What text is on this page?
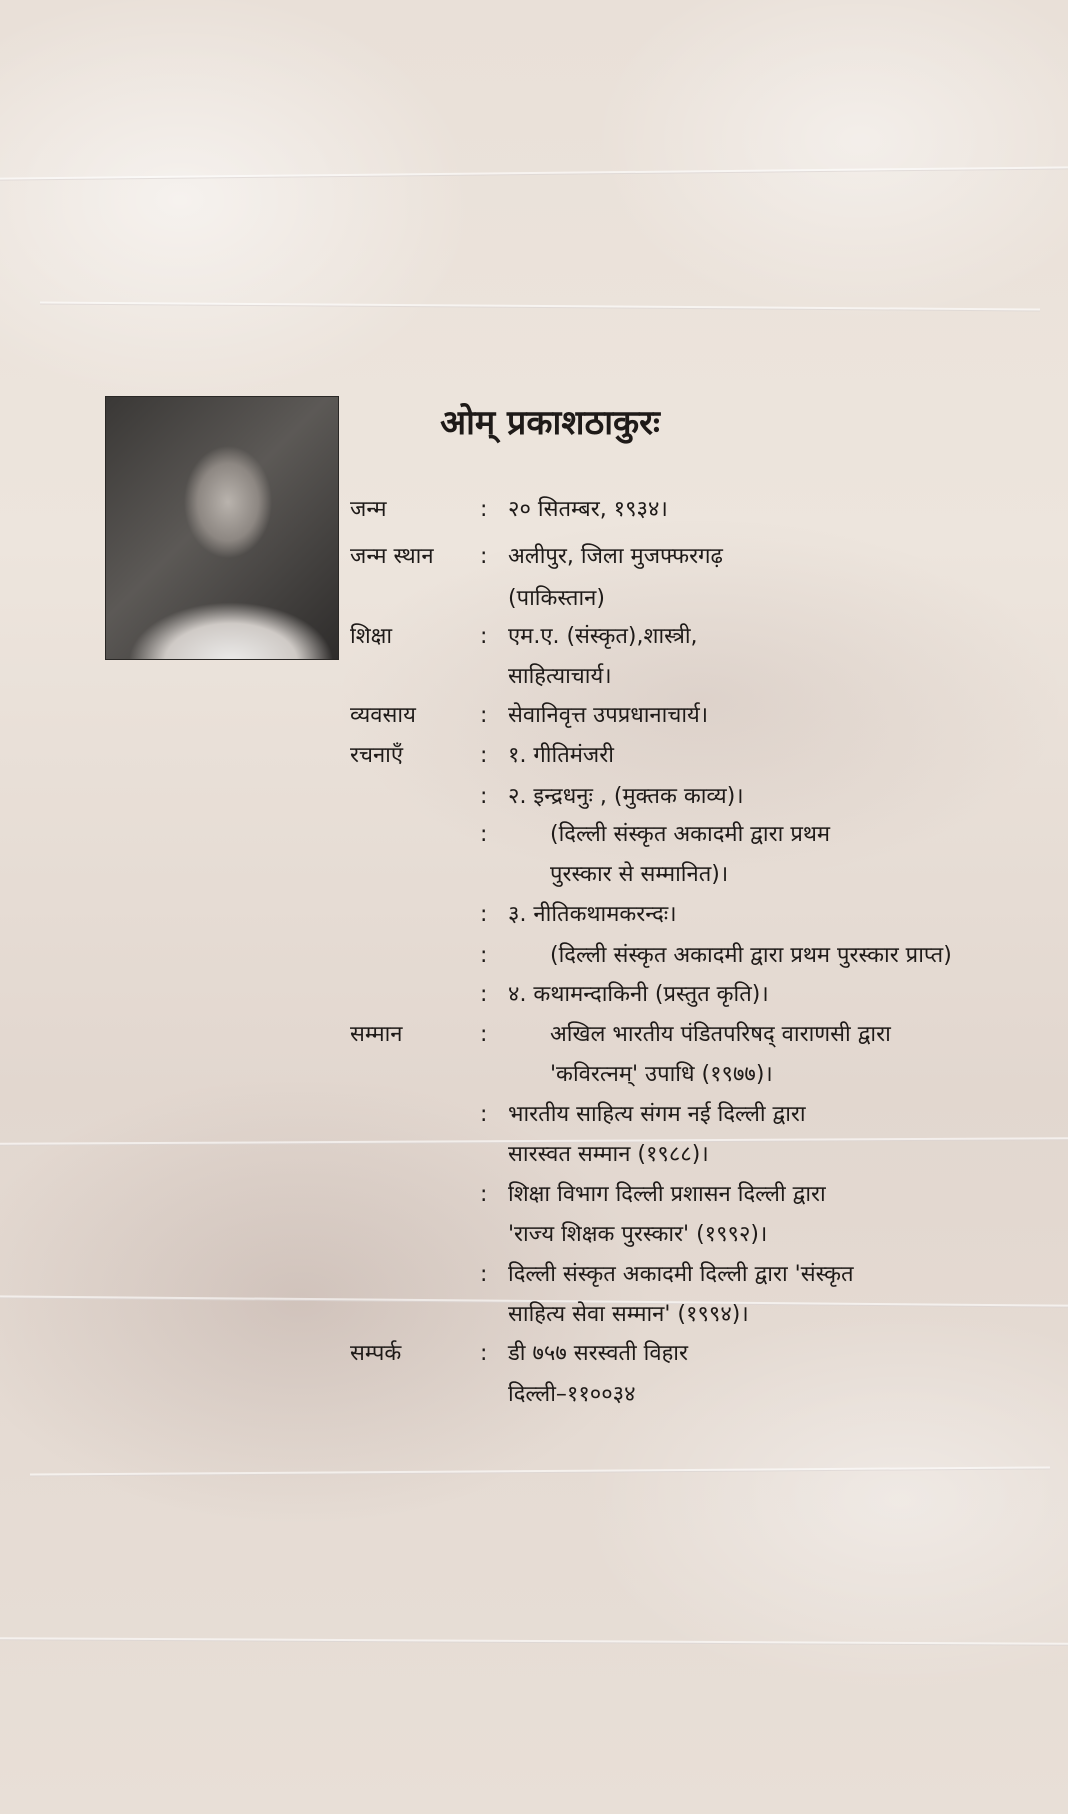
ओम् प्रकाशठाकुरः
जन्म	: २० सितम्बर, १९३४।
जन्म स्थान : अलीपुर, जिला मुजफ्फरगढ़
(पाकिस्तान)
शिक्षा	: एम.ए. (संस्कृत),शास्त्री,
साहित्याचार्य।
व्यवसाय	: सेवानिवृत्त उपप्रधानाचार्य।
रचनाएँ	: १. गीतिमंजरी
: २. इन्द्रधनुः , (मुक्तक काव्य)।
:	(दिल्ली संस्कृत अकादमी द्वारा प्रथम
पुरस्कार से सम्मानित)।
: ३. नीतिकथामकरन्दः।
:	(दिल्ली संस्कृत अकादमी द्वारा प्रथम पुरस्कार प्राप्त)
: ४. कथामन्दाकिनी (प्रस्तुत कृति)।
सम्मान	:	अखिल भारतीय पंडितपरिषद् वाराणसी द्वारा
'कविरत्नम्' उपाधि (१९७७)।
: भारतीय साहित्य संगम नई दिल्ली द्वारा
सारस्वत सम्मान (१९८८)।
: शिक्षा विभाग दिल्ली प्रशासन दिल्ली द्वारा
'राज्य शिक्षक पुरस्कार' (१९९२)।
: दिल्ली संस्कृत अकादमी दिल्ली द्वारा 'संस्कृत
साहित्य सेवा सम्मान' (१९९४)।
सम्पर्क	: डी ७५७ सरस्वती विहार
दिल्ली–११००३४
